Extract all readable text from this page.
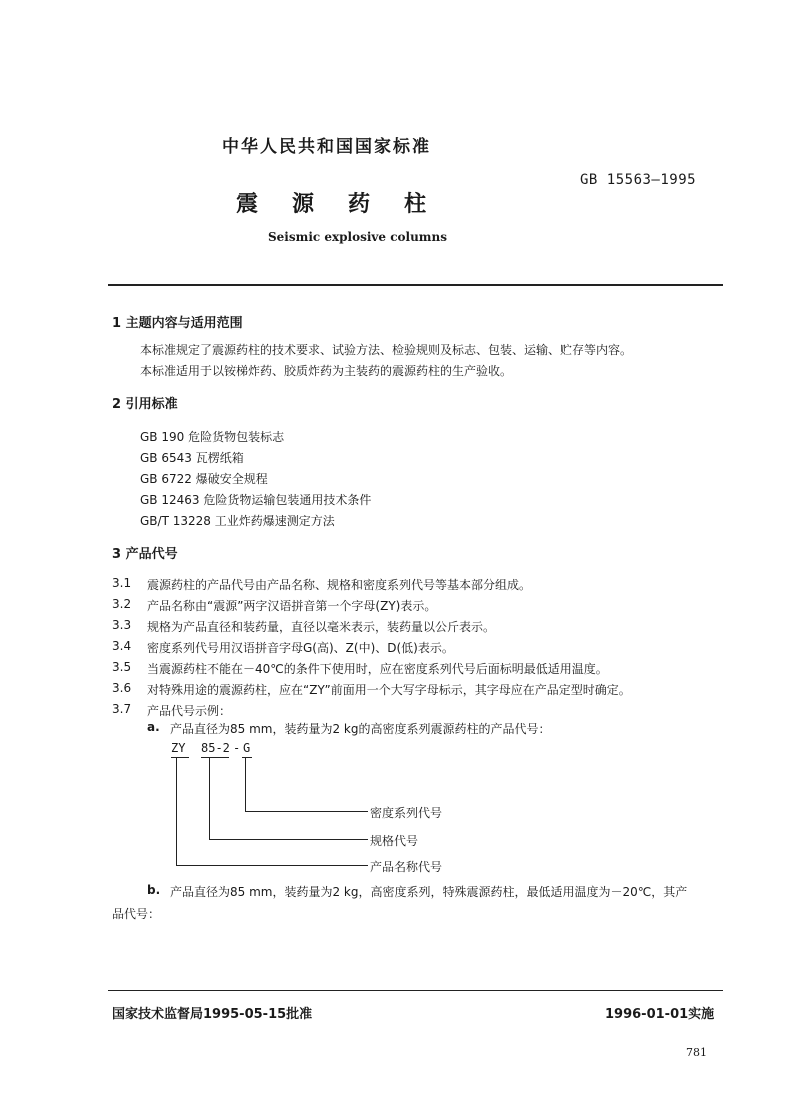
中华人民共和国国家标准
GB 15563—1995
震源药柱
Seismic explosive columns
1 主题内容与适用范围
本标准规定了震源药柱的技术要求、试验方法、检验规则及标志、包装、运输、贮存等内容。
本标准适用于以铵梯炸药、胶质炸药为主装药的震源药柱的生产验收。
2 引用标准
GB 190 危险货物包装标志
GB 6543 瓦楞纸箱
GB 6722 爆破安全规程
GB 12463 危险货物运输包装通用技术条件
GB/T 13228 工业炸药爆速测定方法
3 产品代号
3.1 震源药柱的产品代号由产品名称、规格和密度系列代号等基本部分组成。
3.2 产品名称由“震源”两字汉语拼音第一个字母(ZY)表示。
3.3 规格为产品直径和装药量，直径以毫米表示，装药量以公斤表示。
3.4 密度系列代号用汉语拼音字母G(高)、Z(中)、D(低)表示。
3.5 当震源药柱不能在－40℃的条件下使用时，应在密度系列代号后面标明最低适用温度。
3.6 对特殊用途的震源药柱，应在“ZY”前面用一个大写字母标示，其字母应在产品定型时确定。
3.7 产品代号示例：
a. 产品直径为85 mm，装药量为2 kg的高密度系列震源药柱的产品代号：
ZY 85-2 - G
密度系列代号
规格代号
产品名称代号
b. 产品直径为85 mm，装药量为2 kg，高密度系列，特殊震源药柱，最低适用温度为－20℃，其产
品代号：
国家技术监督局1995-05-15批准	1996-01-01实施
781
